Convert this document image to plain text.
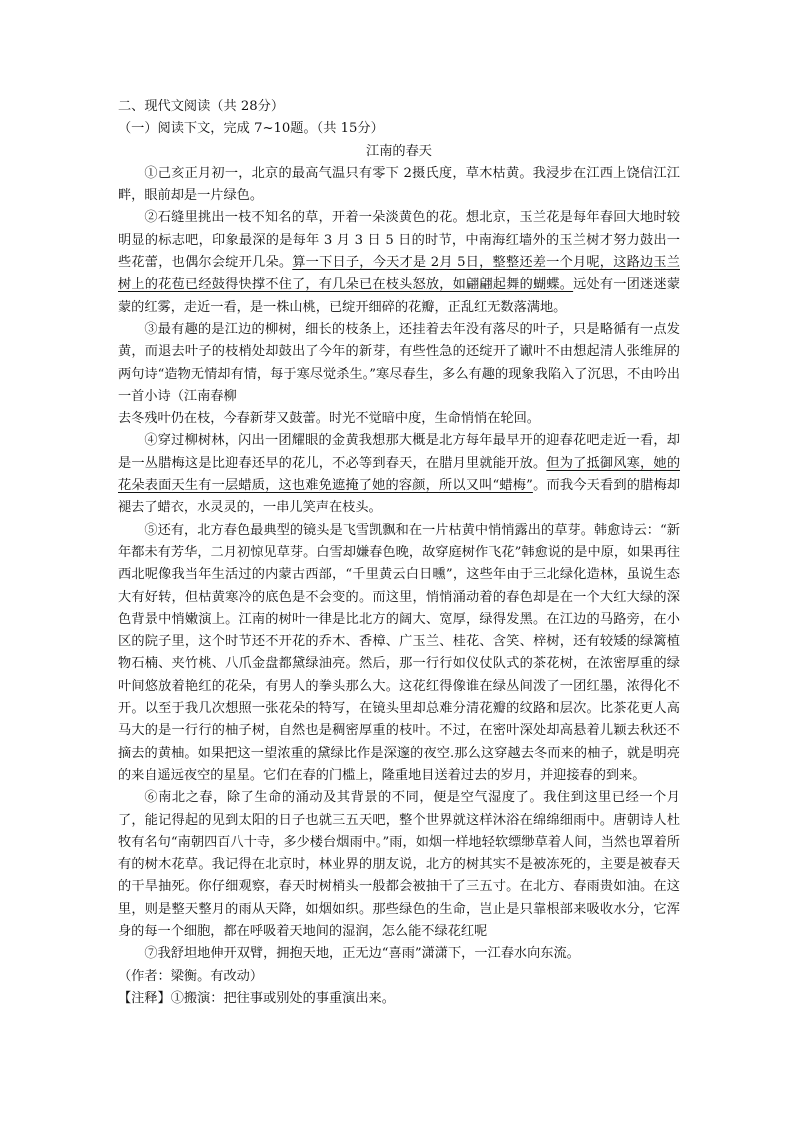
二、现代文阅读（共 28分）
（一）阅读下文，完成 7~10题。（共 15分）
江南的春天
①己亥正月初一，北京的最高气温只有零下 2摄氏度，草木枯黄。我浸步在江西上饶信江江畔，眼前却是一片绿色。
②石缝里挑出一枝不知名的草，开着一朵淡黄色的花。想北京，玉兰花是每年春回大地时较明显的标志吧，印象最深的是每年 3 月 3 日 5 日的时节，中南海红墙外的玉兰树才努力鼓出一些花蕾，也偶尔会绽开几朵。算一下日子，今天才是 2月 5日，整整还差一个月呢，这路边玉兰树上的花苞已经鼓得快撑不住了，有几朵已在枝头怒放，如翩翩起舞的蝴蝶。远处有一团迷迷蒙蒙的红雾，走近一看，是一株山桃，已绽开细碎的花瓣，正乱红无数落满地。
③最有趣的是江边的柳树，细长的枝条上，还挂着去年没有落尽的叶子，只是略循有一点发黄，而退去叶子的枝梢处却鼓出了今年的新芽，有些性急的还绽开了谳叶不由想起清人张维屏的两句诗“造物无情却有情，每于寒尽觉杀生。”寒尽春生，多么有趣的现象我陷入了沉思，不由吟出一首小诗（江南春柳
去冬残叶仍在枝，今春新芽又鼓蕾。时光不觉暗中度，生命悄悄在轮回。
④穿过柳树林，闪出一团耀眼的金黄我想那大概是北方每年最早开的迎春花吧走近一看，却是一丛腊梅这是比迎春还早的花儿，不必等到春天，在腊月里就能开放。但为了抵御风寒，她的花朵表面天生有一层蜡质，这也难免遮掩了她的容颜，所以又叫“蜡梅”。而我今天看到的腊梅却褪去了蜡衣，水灵灵的，一串儿笑声在枝头。
⑤还有，北方春色最典型的镜头是飞雪凯飘和在一片枯黄中悄悄露出的草芽。韩愈诗云：“新年都未有芳华，二月初惊见草芽。白雪却嫌春色晚，故穿庭树作飞花”韩愈说的是中原，如果再往西北呢像我当年生活过的内蒙古西部，“千里黄云白日曛”，这些年由于三北绿化造林，虽说生态大有好转，但枯黄寒冷的底色是不会变的。而这里，悄悄涌动着的春色却是在一个大红大绿的深色背景中悄嫩演上。江南的树叶一律是比北方的阔大、宽厚，绿得发黑。在江边的马路旁，在小区的院子里，这个时节还不开花的乔木、香樟、广玉兰、桂花、含笑、梓树，还有较矮的绿篱植物石楠、夹竹桃、八爪金盘都黛绿油亮。然后，那一行行如仪仗队式的茶花树，在浓密厚重的绿叶间悠放着艳红的花朵，有男人的拳头那么大。这花红得像谁在绿丛间泼了一团红墨，浓得化不开。以至于我几次想照一张花朵的特写，在镜头里却总难分清花瓣的纹路和层次。比茶花更人高马大的是一行行的柚子树，自然也是稠密厚重的枝叶。不过，在密叶深处却高悬着儿颖去秋还不摘去的黄柚。如果把这一望浓重的黛绿比作是深邃的夜空.那么这穿越去冬而来的柚子，就是明亮的来自遥远夜空的星星。它们在春的门槛上，隆重地目送着过去的岁月，并迎接春的到来。
⑥南北之春，除了生命的涌动及其背景的不同，便是空气湿度了。我住到这里已经一个月了，能记得起的见到太阳的日子也就三五天吧，整个世界就这样沐浴在绵绵细雨中。唐朝诗人杜牧有名句“南朝四百八十寺，多少楼台烟雨中。”雨，如烟一样地轻软缥缈草着人间，当然也罩着所有的树木花草。我记得在北京时，林业界的朋友说，北方的树其实不是被冻死的，主要是被春天的干旱抽死。你仔细观察，春天时树梢头一般都会被抽干了三五寸。在北方、春雨贵如油。在这里，则是整天整月的雨从天降，如烟如织。那些绿色的生命，岂止是只靠根部来吸收水分，它浑身的每一个细胞，都在呼吸着天地间的湿润，怎么能不绿花红呢
⑦我舒坦地伸开双臂，拥抱天地，正无边“喜雨”潇潇下，一江春水向东流。
（作者：梁衡。有改动）
【注释】①搬演：把往事或别处的事重演出来。
